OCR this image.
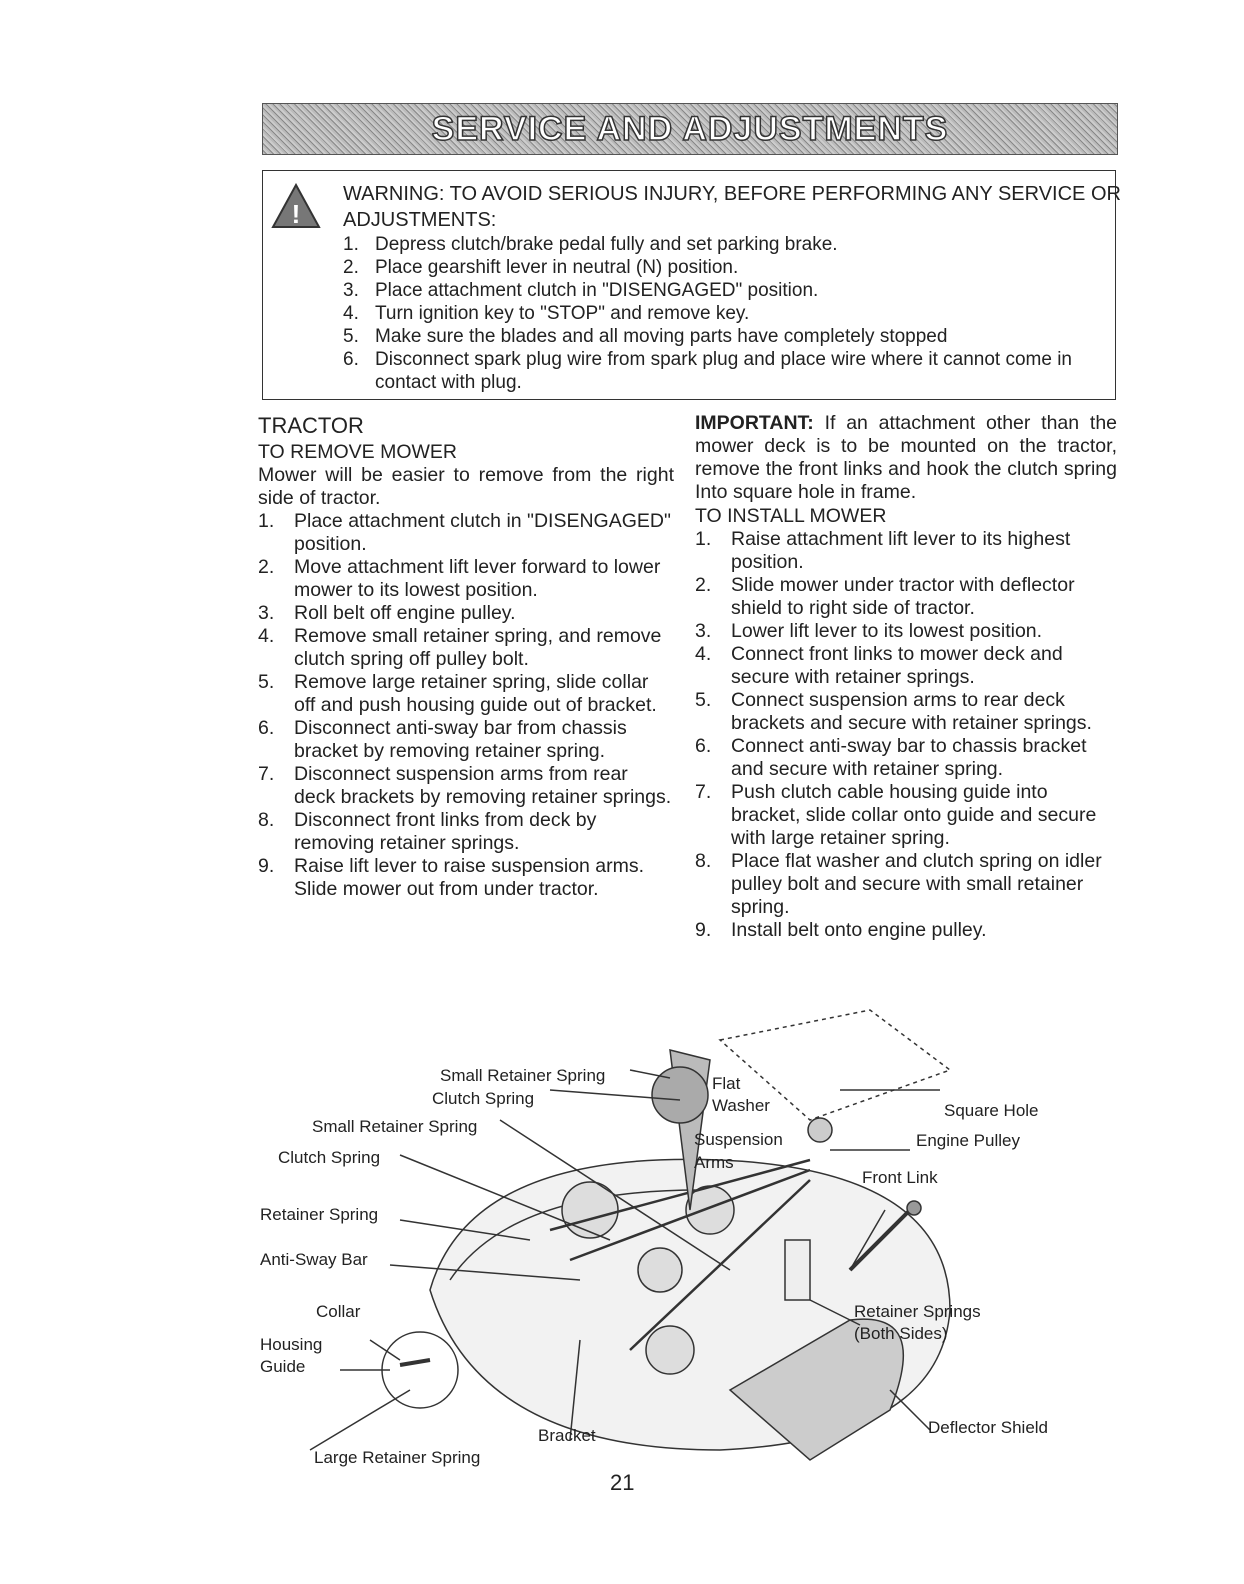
SERVICE AND ADJUSTMENTS
!
WARNING: TO AVOID SERIOUS INJURY, BEFORE PERFORMING ANY SERVICE OR ADJUSTMENTS:
1. Depress clutch/brake pedal fully and set parking brake.
2. Place gearshift lever in neutral (N) position.
3. Place attachment clutch in "DISENGAGED" position.
4. Turn ignition key to "STOP" and remove key.
5. Make sure the blades and all moving parts have completely stopped
6. Disconnect spark plug wire from spark plug and place wire where it cannot come in contact with plug.

TRACTOR

TO REMOVE MOWER

Mower will be easier to remove from the right side of tractor.

1. Place attachment clutch in "DISENGAGED" position.
2. Move attachment lift lever forward to lower mower to its lowest position.
3. Roll belt off engine pulley.
4. Remove small retainer spring, and remove clutch spring off pulley bolt.
5. Remove large retainer spring, slide collar off and push housing guide out of bracket.
6. Disconnect anti-sway bar from chassis bracket by removing retainer spring.
7. Disconnect suspension arms from rear deck brackets by removing retainer springs.
8. Disconnect front links from deck by removing retainer springs.
9. Raise lift lever to raise suspension arms. Slide mower out from under tractor.

IMPORTANT: If an attachment other than the mower deck is to be mounted on the tractor, remove the front links and hook the clutch spring Into square hole in frame.

TO INSTALL MOWER

1. Raise attachment lift lever to its highest position.
2. Slide mower under tractor with deflector shield to right side of tractor.
3. Lower lift lever to its lowest position.
4. Connect front links to mower deck and secure with retainer springs.
5. Connect suspension arms to rear deck brackets and secure with retainer springs.
6. Connect anti-sway bar to chassis bracket and secure with retainer spring.
7. Push clutch cable housing guide into bracket, slide collar onto guide and secure with large retainer spring.
8. Place flat washer and clutch spring on idler pulley bolt and secure with small retainer spring.
9. Install belt onto engine pulley.
Small Retainer Spring
Clutch Spring
Small Retainer Spring
Clutch Spring
Retainer Spring
Anti-Sway Bar
Collar
Housing
Guide
Large Retainer Spring
Bracket
Flat
Washer
Suspension
Arms
Square Hole
Engine Pulley
Front Link
Retainer Springs
(Both Sides)
Deflector Shield
21
